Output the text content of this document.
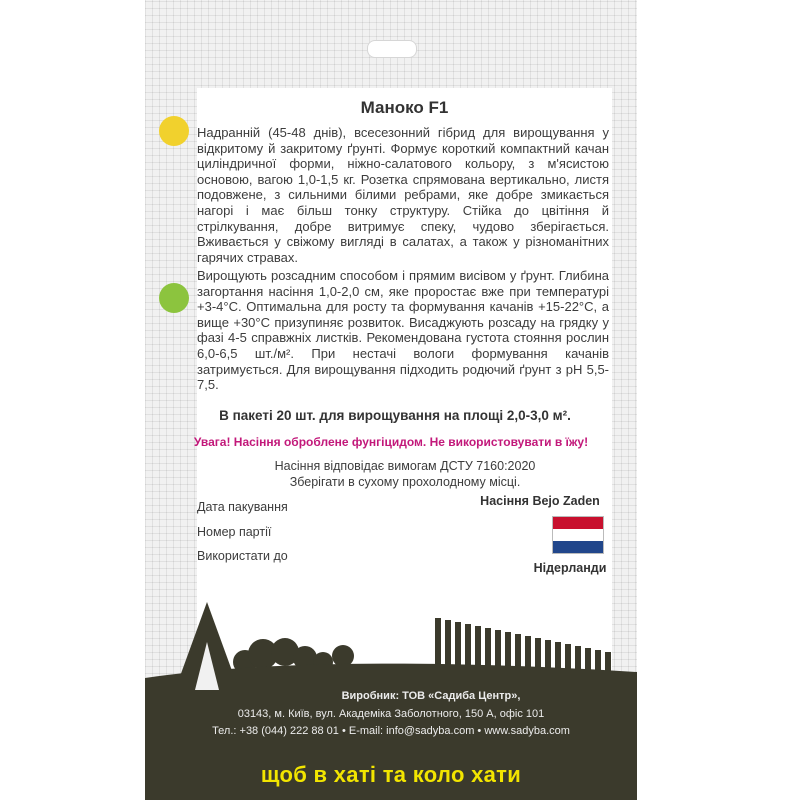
Маноко F1

Надранній (45-48 днів), всесезонний гібрид для вирощування у відкритому й закритому ґрунті. Формує короткий компактний качан циліндричної форми, ніжно-салатового кольору, з м'ясистою основою, вагою 1,0-1,5 кг. Розетка спрямована вертикально, листя подовжене, з сильними білими ребрами, яке добре змикається нагорі і має більш тонку структуру. Стійка до цвітіння й стрілкування, добре витримує спеку, чудово зберігається. Вживається у свіжому вигляді в салатах, а також у різноманітних гарячих стравах.

Вирощують розсадним способом і прямим висівом у ґрунт. Глибина загортання насіння 1,0-2,0 см, яке проростає вже при температурі +3-4°С. Оптимальна для росту та формування качанів +15-22°С, а вище +30°С призупиняє розвиток. Висаджують розсаду на грядку у фазі 4-5 справжніх листків. Рекомендована густота стояння рослин 6,0-6,5 шт./м². При нестачі вологи формування качанів затримується. Для вирощування підходить родючий ґрунт з pH 5,5-7,5.

В пакеті 20 шт. для вирощування на площі 2,0-3,0 м².
Увага! Насіння оброблене фунгіцидом. Не використовувати в їжу!
Насіння відповідає вимогам ДСТУ 7160:2020
Зберігати в сухому прохолодному місці.
Насіння Bejo Zaden
Нідерланди
Дата пакування
Номер партії
Використати до
Виробник: ТОВ «Садиба Центр»,
03143, м. Київ, вул. Академіка Заболотного, 150 А, офіс 101
Тел.: +38 (044) 222 88 01 • E-mail: info@sadyba.com • www.sadyba.com
щоб в хаті та коло хати
